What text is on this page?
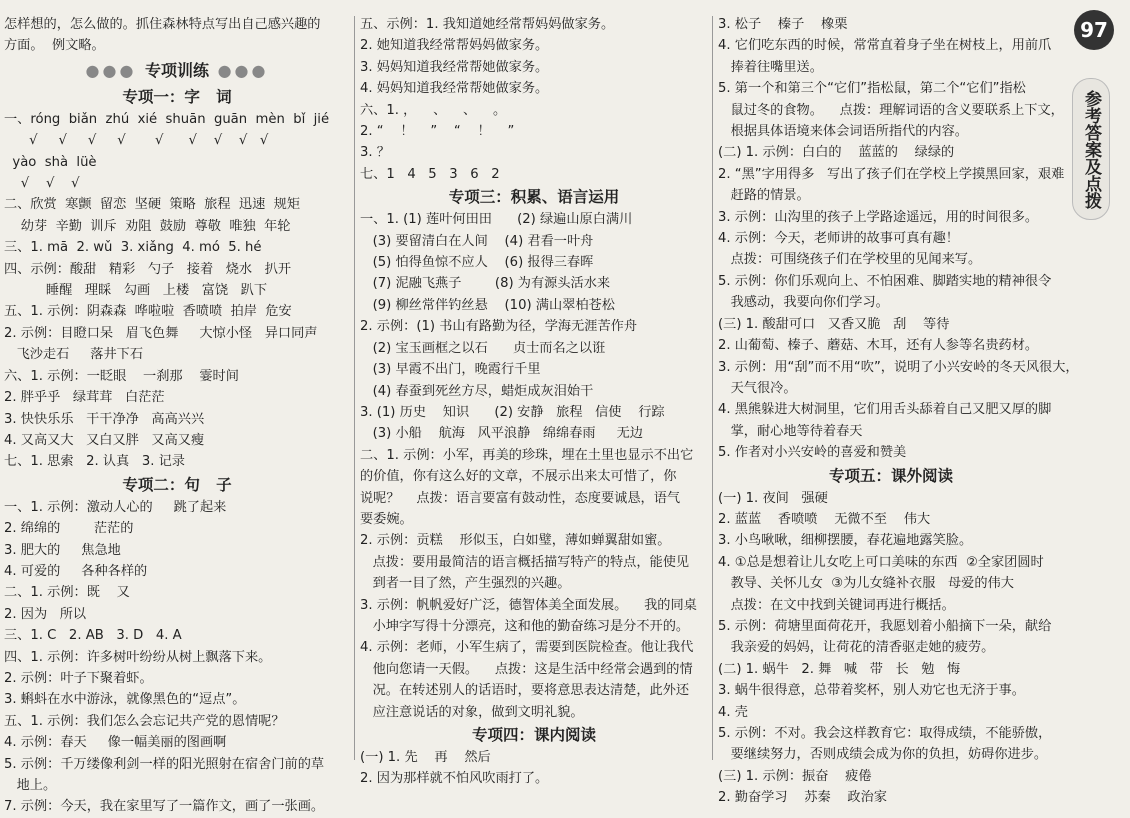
怎样想的，怎么做的。抓住森林特点写出自己感兴趣的
方面。  例文略。
●●● 专项训练 ●●●
专项一：字   词
一、róng  biǎn  zhú  xié  shuān  guān  mèn  bǐ  jié
√     √     √     √       √      √    √    √   √
yào  shà  lüè
√    √    √
二、欣赏  寒颤  留恋  坚硬  策略  旅程  迅速  规矩
幼芽  辛勤  训斥  劝阻  鼓励  尊敬  唯独  年轮
三、1. mā  2. wǔ  3. xiǎng  4. mó  5. hé
四、示例：酸甜   精彩   勺子   接着   烧水   扒开
睡醒   理睬   勾画   上楼   富饶   趴下
五、1. 示例：阴森森  哗啦啦  香喷喷  拍岸  危安
2. 示例：目瞪口呆   眉飞色舞     大惊小怪   异口同声
飞沙走石     落井下石
六、1. 示例：一眨眼    一刹那    霎时间
2. 胖乎乎   绿茸茸   白茫茫
3. 快快乐乐   干干净净   高高兴兴
4. 又高又大   又白又胖   又高又瘦
七、1. 思索   2. 认真   3. 记录
专项二：句   子
一、1. 示例：激动人心的     跳了起来
2. 绵绵的        茫茫的
3. 肥大的     焦急地
4. 可爱的     各种各样的
二、1. 示例：既    又
2. 因为   所以
三、1. C   2. AB   3. D   4. A
四、1. 示例：许多树叶纷纷从树上飘落下来。
2. 示例：叶子下聚着虾。
3. 蝌蚪在水中游泳，就像黑色的“逗点”。
五、1. 示例：我们怎么会忘记共产党的恩情呢？
4. 示例：春天     像一幅美丽的图画啊
5. 示例：千万缕像利剑一样的阳光照射在宿舍门前的草
地上。
7. 示例：今天，我在家里写了一篇作文，画了一张画。
五、示例：1. 我知道她经常帮妈妈做家务。
2. 她知道我经常帮妈妈做家务。
3. 妈妈知道我经常帮她做家务。
4. 妈妈知道我经常帮她做家务。
六、1. ，    、    、    。
2. “    ！    ”    “    ！    ”
3. ？
七、1   4   5   3   6   2
专项三：积累、语言运用
一、1. (1) 莲叶何田田      (2) 绿遍山原白满川
(3) 要留清白在人间    (4) 君看一叶舟
(5) 怕得鱼惊不应人    (6) 报得三春晖
(7) 泥融飞燕子        (8) 为有源头活水来
(9) 柳丝常伴钓丝悬    (10) 满山翠柏苍松
2. 示例：(1) 书山有路勤为径，学海无涯苦作舟
(2) 宝玉画框之以石      贞士而名之以诳
(3) 早霞不出门，晚霞行千里
(4) 春蚕到死丝方尽，蜡炬成灰泪始干
3. (1) 历史    知识      (2) 安静   旅程   信使    行踪
(3) 小船    航海   风平浪静   绵绵春雨     无边
二、1. 示例：小军，再美的珍珠，埋在土里也显示不出它
的价值，你有这么好的文章，不展示出来太可惜了，你
说呢？    点拨：语言要富有鼓动性，态度要诚恳，语气
要委婉。
2. 示例：贡糕    形似玉，白如璧，薄如蝉翼甜如蜜。
点拨：要用最简洁的语言概括描写特产的特点，能使见
到者一目了然，产生强烈的兴趣。
3. 示例：帆帆爱好广泛，德智体美全面发展。    我的同桌
小坤字写得十分漂亮，这和他的勤奋练习是分不开的。
4. 示例：老师，小军生病了，需要到医院检查。他让我代
他向您请一天假。    点拨：这是生活中经常会遇到的情
况。在转述别人的话语时，要将意思表达清楚，此外还
应注意说话的对象，做到文明礼貌。
专项四：课内阅读
(一) 1. 先    再    然后
2. 因为那样就不怕风吹雨打了。
3. 松子    榛子    橡栗
4. 它们吃东西的时候，常常直着身子坐在树枝上，用前爪
捧着往嘴里送。
5. 第一个和第三个“它们”指松鼠，第二个“它们”指松
鼠过冬的食物。    点拨：理解词语的含义要联系上下文，
根据具体语境来体会词语所指代的内容。
(二) 1. 示例：白白的    蓝蓝的    绿绿的
2. “黑”字用得多   写出了孩子们在学校上学摸黑回家，艰难
赶路的情景。
3. 示例：山沟里的孩子上学路途遥远，用的时间很多。
4. 示例：今天，老师讲的故事可真有趣！
点拨：可围绕孩子们在学校里的见闻来写。
5. 示例：你们乐观向上、不怕困难、脚踏实地的精神很令
我感动，我要向你们学习。
(三) 1. 酸甜可口   又香又脆   刮    等待
2. 山葡萄、榛子、蘑菇、木耳，还有人参等名贵药材。
3. 示例：用“刮”而不用“吹”，说明了小兴安岭的冬天风很大，
天气很冷。
4. 黑熊躲进大树洞里，它们用舌头舔着自己又肥又厚的脚
掌，耐心地等待着春天
5. 作者对小兴安岭的喜爱和赞美
专项五：课外阅读
(一) 1. 夜间   强硬
2. 蓝蓝    香喷喷    无微不至    伟大
3. 小鸟啾啾，细柳摆腰，春花遍地露笑脸。
4. ①总是想着让儿女吃上可口美味的东西  ②全家团圆时
教导、关怀儿女  ③为儿女缝补衣服   母爱的伟大
点拨：在文中找到关键词再进行概括。
5. 示例：荷塘里面荷花开，我愿划着小船摘下一朵，献给
我亲爱的妈妈，让荷花的清香驱走她的疲劳。
(二) 1. 蜗牛   2. 舞   喊   带   长   勉   悔
3. 蜗牛很得意，总带着奖杯，别人劝它也无济于事。
4. 壳
5. 示例：不对。我会这样教育它：取得成绩，不能骄傲，
要继续努力，否则成绩会成为你的负担，妨碍你进步。
(三) 1. 示例：振奋    疲倦
2. 勤奋学习    苏秦    政治家
97
参考答案及点拨
